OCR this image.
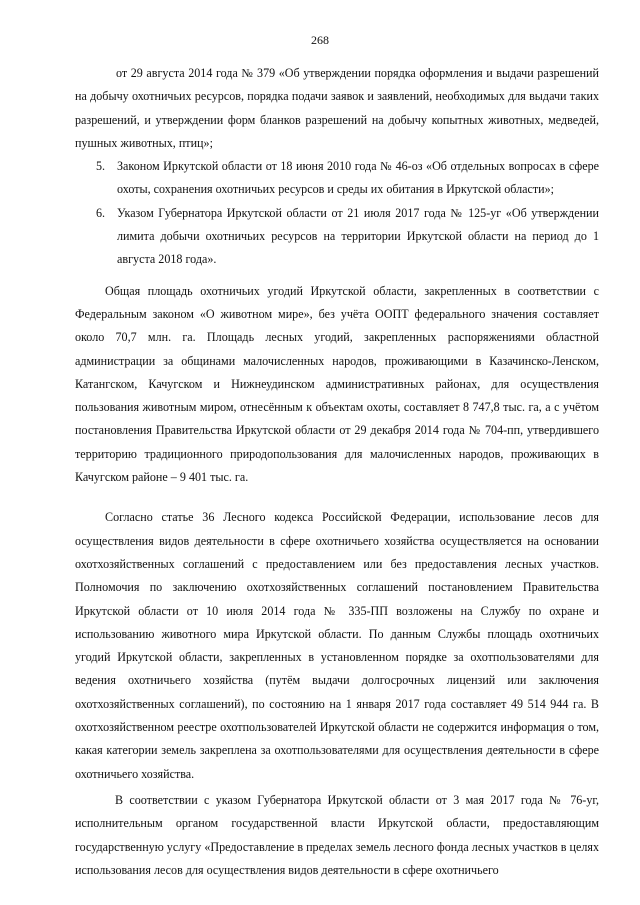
268

от 29 августа 2014 года № 379 «Об утверждении порядка оформления и выдачи разрешений на добычу охотничьих ресурсов, порядка подачи заявок и заявлений, необходимых для выдачи таких разрешений, и утверждении форм бланков разрешений на добычу копытных животных, медведей, пушных животных, птиц»;

5. Законом Иркутской области от 18 июня 2010 года № 46-оз «Об отдельных вопросах в сфере охоты, сохранения охотничьих ресурсов и среды их обитания в Иркутской области»;

6. Указом Губернатора Иркутской области от 21 июля 2017 года № 125-уг «Об утверждении лимита добычи охотничьих ресурсов на территории Иркутской области на период до 1 августа 2018 года».

Общая площадь охотничьих угодий Иркутской области, закрепленных в соответствии с Федеральным законом «О животном мире», без учёта ООПТ федерального значения составляет около 70,7 млн. га. Площадь лесных угодий, закрепленных распоряжениями областной администрации за общинами малочисленных народов, проживающими в Казачинско-Ленском, Катангском, Качугском и Нижнеудинском административных районах, для осуществления пользования животным миром, отнесённым к объектам охоты, составляет 8 747,8 тыс. га, а с учётом постановления Правительства Иркутской области от 29 декабря 2014 года № 704-пп, утвердившего территорию традиционного природопользования для малочисленных народов, проживающих в Качугском районе – 9 401 тыс. га.

Согласно статье 36 Лесного кодекса Российской Федерации, использование лесов для осуществления видов деятельности в сфере охотничьего хозяйства осуществляется на основании охотхозяйственных соглашений с предоставлением или без предоставления лесных участков. Полномочия по заключению охотхозяйственных соглашений постановлением Правительства Иркутской области от 10 июля 2014 года № 335-ПП возложены на Службу по охране и использованию животного мира Иркутской области. По данным Службы площадь охотничьих угодий Иркутской области, закрепленных в установленном порядке за охотпользователями для ведения охотничьего хозяйства (путём выдачи долгосрочных лицензий или заключения охотхозяйственных соглашений), по состоянию на 1 января 2017 года составляет 49 514 944 га. В охотхозяйственном реестре охотпользователей Иркутской области не содержится информация о том, какая категории земель закреплена за охотпользователями для осуществления деятельности в сфере охотничьего хозяйства.

В соответствии с указом Губернатора Иркутской области от 3 мая 2017 года № 76-уг, исполнительным органом государственной власти Иркутской области, предоставляющим государственную услугу «Предоставление в пределах земель лесного фонда лесных участков в целях использования лесов для осуществления видов деятельности в сфере охотничьего
